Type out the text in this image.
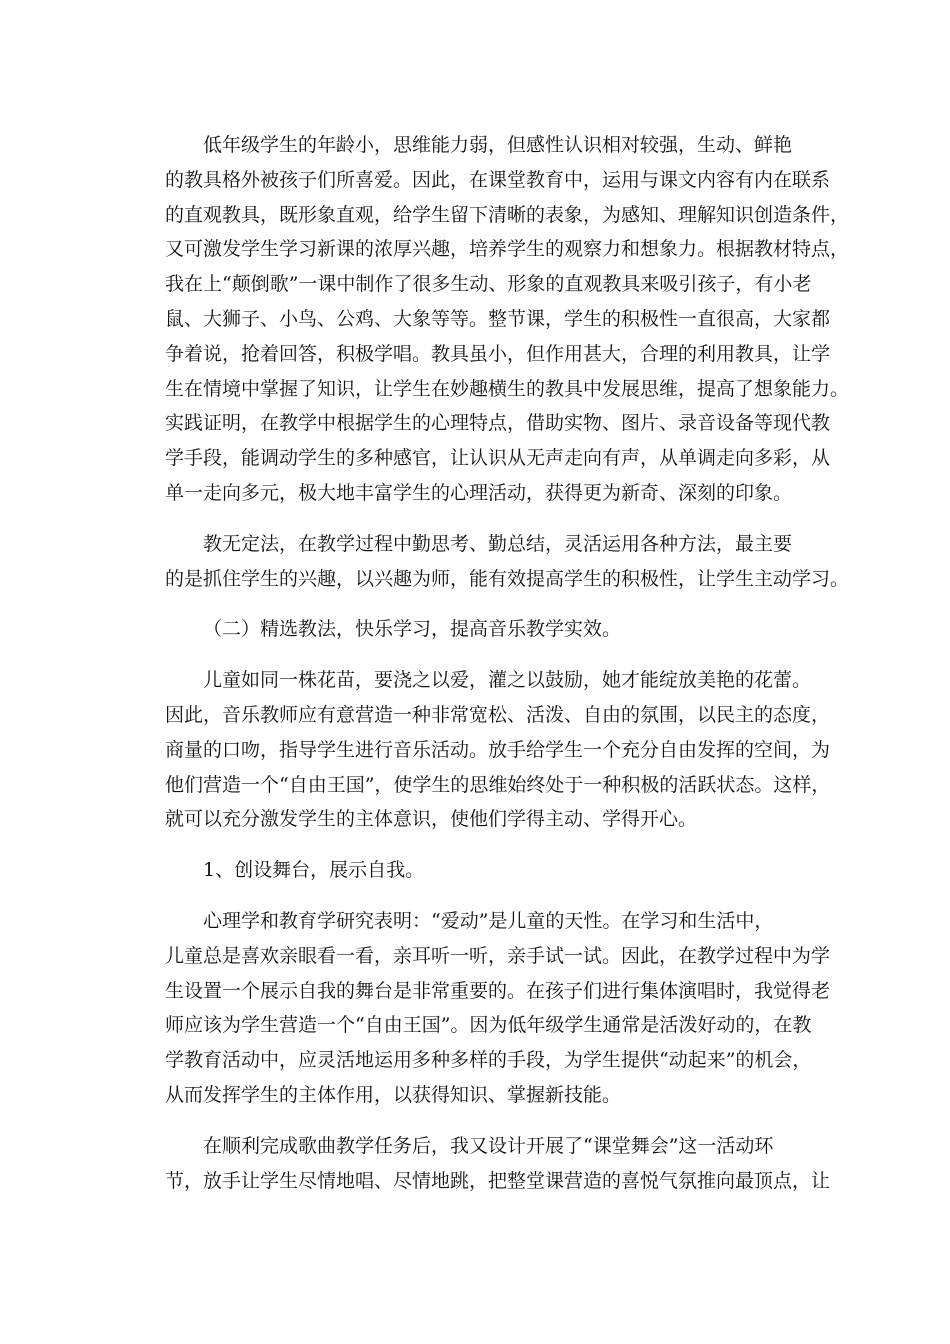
低年级学生的年龄小，思维能力弱，但感性认识相对较强，生动、鲜艳
的教具格外被孩子们所喜爱。因此，在课堂教育中，运用与课文内容有内在联系
的直观教具，既形象直观，给学生留下清晰的表象，为感知、理解知识创造条件，
又可激发学生学习新课的浓厚兴趣，培养学生的观察力和想象力。根据教材特点，
我在上“颠倒歌”一课中制作了很多生动、形象的直观教具来吸引孩子，有小老
鼠、大狮子、小鸟、公鸡、大象等等。整节课，学生的积极性一直很高，大家都
争着说，抢着回答，积极学唱。教具虽小，但作用甚大，合理的利用教具，让学
生在情境中掌握了知识，让学生在妙趣横生的教具中发展思维，提高了想象能力。
实践证明，在教学中根据学生的心理特点，借助实物、图片、录音设备等现代教
学手段，能调动学生的多种感官，让认识从无声走向有声，从单调走向多彩，从
单一走向多元，极大地丰富学生的心理活动，获得更为新奇、深刻的印象。

教无定法，在教学过程中勤思考、勤总结，灵活运用各种方法，最主要
的是抓住学生的兴趣，以兴趣为师，能有效提高学生的积极性，让学生主动学习。

（二）精选教法，快乐学习，提高音乐教学实效。

儿童如同一株花苗，要浇之以爱，灌之以鼓励，她才能绽放美艳的花蕾。
因此，音乐教师应有意营造一种非常宽松、活泼、自由的氛围，以民主的态度，
商量的口吻，指导学生进行音乐活动。放手给学生一个充分自由发挥的空间，为
他们营造一个“自由王国”，使学生的思维始终处于一种积极的活跃状态。这样，
就可以充分激发学生的主体意识，使他们学得主动、学得开心。

1、创设舞台，展示自我。

心理学和教育学研究表明：“爱动”是儿童的天性。在学习和生活中，
儿童总是喜欢亲眼看一看，亲耳听一听，亲手试一试。因此，在教学过程中为学
生设置一个展示自我的舞台是非常重要的。在孩子们进行集体演唱时，我觉得老
师应该为学生营造一个“自由王国”。因为低年级学生通常是活泼好动的，在教
学教育活动中，应灵活地运用多种多样的手段，为学生提供“动起来”的机会，
从而发挥学生的主体作用，以获得知识、掌握新技能。

在顺利完成歌曲教学任务后，我又设计开展了“课堂舞会”这一活动环
节，放手让学生尽情地唱、尽情地跳，把整堂课营造的喜悦气氛推向最顶点，让
